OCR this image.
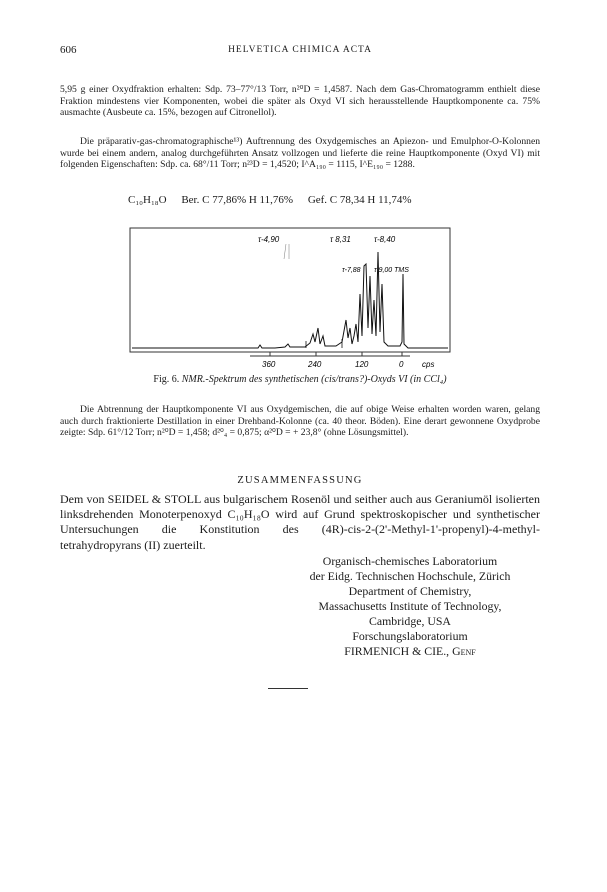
606	HELVETICA CHIMICA ACTA
5,95 g einer Oxydfraktion erhalten: Sdp. 73–77°/13 Torr, n²⁰D = 1,4587. Nach dem Gas-Chromatogramm enthielt diese Fraktion mindestens vier Komponenten, wobei die später als Oxyd VI sich herausstellende Hauptkomponente ca. 75% ausmachte (Ausbeute ca. 15%, bezogen auf Citronellol).
Die präparativ-gas-chromatographische¹³) Auftrennung des Oxydgemisches an Apiezon- und Emulphor-O-Kolonnen wurde bei einem andern, analog durchgeführten Ansatz vollzogen und lieferte die reine Hauptkomponente (Oxyd VI) mit folgenden Eigenschaften: Sdp. ca. 68°/11 Torr; n²³D = 1,4520; I^A₁₉₀ = 1115, I^E₁₉₀ = 1288.
C₁₀H₁₈O Ber. C 77,86% H 11,76% Gef. C 78,34 H 11,74%
τ-4,90	τ 8,31	τ-8,40
τ-7,88 τ 9,00 TMS
360	240	120	0 cps
Fig. 6. NMR.-Spektrum des synthetischen (cis/trans?)-Oxyds VI (in CCl₄)
Die Abtrennung der Hauptkomponente VI aus Oxydgemischen, die auf obige Weise erhalten worden waren, gelang auch durch fraktionierte Destillation in einer Drehband-Kolonne (ca. 40 theor. Böden). Eine derart gewonnene Oxydprobe zeigte: Sdp. 61°/12 Torr; n²⁰D = 1,458; d²⁰₄ = 0,875; α²⁰D = + 23,8° (ohne Lösungsmittel).
ZUSAMMENFASSUNG
Dem von SEIDEL & STOLL aus bulgarischem Rosenöl und seither auch aus Geraniumöl isolierten linksdrehenden Monoterpenoxyd C₁₀H₁₈O wird auf Grund spektroskopischer und synthetischer Untersuchungen die Konstitution des (4R)-cis-2-(2'-Methyl-1'-propenyl)-4-methyl-tetrahydropyrans (II) zuerteilt.
Organisch-chemisches Laboratorium
der Eidg. Technischen Hochschule, Zürich
Department of Chemistry,
Massachusetts Institute of Technology,
Cambridge, USA
Forschungslaboratorium
FIRMENICH & CIE., Genf
